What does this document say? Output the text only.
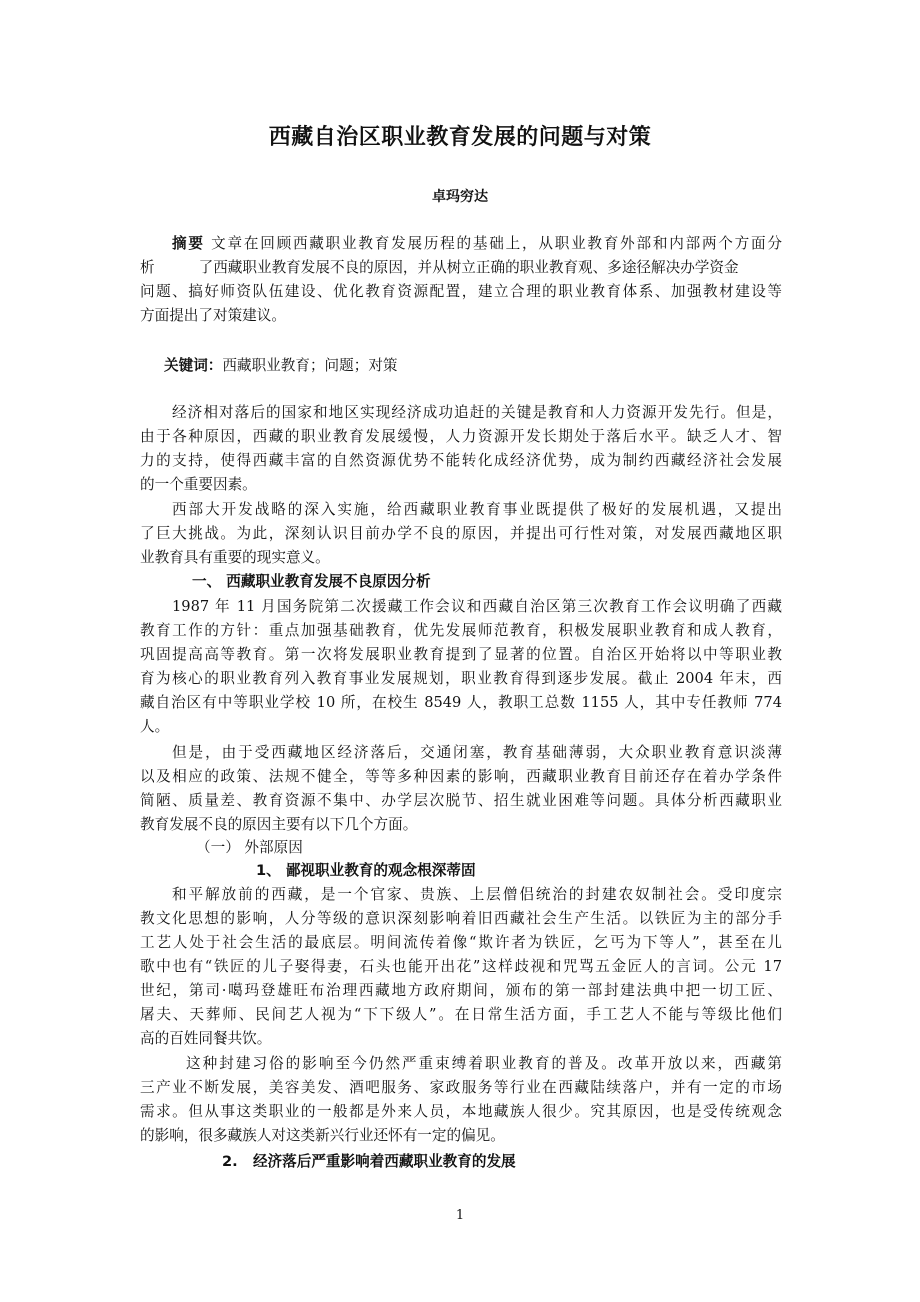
西藏自治区职业教育发展的问题与对策
卓玛穷达
摘要 文章在回顾西藏职业教育发展历程的基础上，从职业教育外部和内部两个方面分
析	了西藏职业教育发展不良的原因，并从树立正确的职业教育观、多途径解决办学资金
问题、搞好师资队伍建设、优化教育资源配置，建立合理的职业教育体系、加强教材建设等
方面提出了对策建议。
关键词：西藏职业教育；问题；对策
经济相对落后的国家和地区实现经济成功追赶的关键是教育和人力资源开发先行。但是，
由于各种原因，西藏的职业教育发展缓慢，人力资源开发长期处于落后水平。缺乏人才、智
力的支持，使得西藏丰富的自然资源优势不能转化成经济优势，成为制约西藏经济社会发展
的一个重要因素。
西部大开发战略的深入实施，给西藏职业教育事业既提供了极好的发展机遇，又提出
了巨大挑战。为此，深刻认识目前办学不良的原因，并提出可行性对策，对发展西藏地区职
业教育具有重要的现实意义。
一、 西藏职业教育发展不良原因分析
1987 年 11 月国务院第二次援藏工作会议和西藏自治区第三次教育工作会议明确了西藏
教育工作的方针：重点加强基础教育，优先发展师范教育，积极发展职业教育和成人教育，
巩固提高高等教育。第一次将发展职业教育提到了显著的位置。自治区开始将以中等职业教
育为核心的职业教育列入教育事业发展规划，职业教育得到逐步发展。截止 2004 年末，西
藏自治区有中等职业学校 10 所，在校生 8549 人，教职工总数 1155 人，其中专任教师 774
人。
但是，由于受西藏地区经济落后，交通闭塞，教育基础薄弱，大众职业教育意识淡薄
以及相应的政策、法规不健全，等等多种因素的影响，西藏职业教育目前还存在着办学条件
简陋、质量差、教育资源不集中、办学层次脱节、招生就业困难等问题。具体分析西藏职业
教育发展不良的原因主要有以下几个方面。
（一） 外部原因
1、 鄙视职业教育的观念根深蒂固
和平解放前的西藏，是一个官家、贵族、上层僧侣统治的封建农奴制社会。受印度宗
教文化思想的影响，人分等级的意识深刻影响着旧西藏社会生产生活。以铁匠为主的部分手
工艺人处于社会生活的最底层。明间流传着像“欺许者为铁匠，乞丐为下等人”，甚至在儿
歌中也有“铁匠的儿子娶得妻，石头也能开出花”这样歧视和咒骂五金匠人的言词。公元 17
世纪，第司·噶玛登雄旺布治理西藏地方政府期间，颁布的第一部封建法典中把一切工匠、
屠夫、天葬师、民间艺人视为“下下级人”。在日常生活方面，手工艺人不能与等级比他们
高的百姓同餐共饮。
这种封建习俗的影响至今仍然严重束缚着职业教育的普及。改革开放以来，西藏第
三产业不断发展，美容美发、酒吧服务、家政服务等行业在西藏陆续落户，并有一定的市场
需求。但从事这类职业的一般都是外来人员，本地藏族人很少。究其原因，也是受传统观念
的影响，很多藏族人对这类新兴行业还怀有一定的偏见。
2.   经济落后严重影响着西藏职业教育的发展
1
